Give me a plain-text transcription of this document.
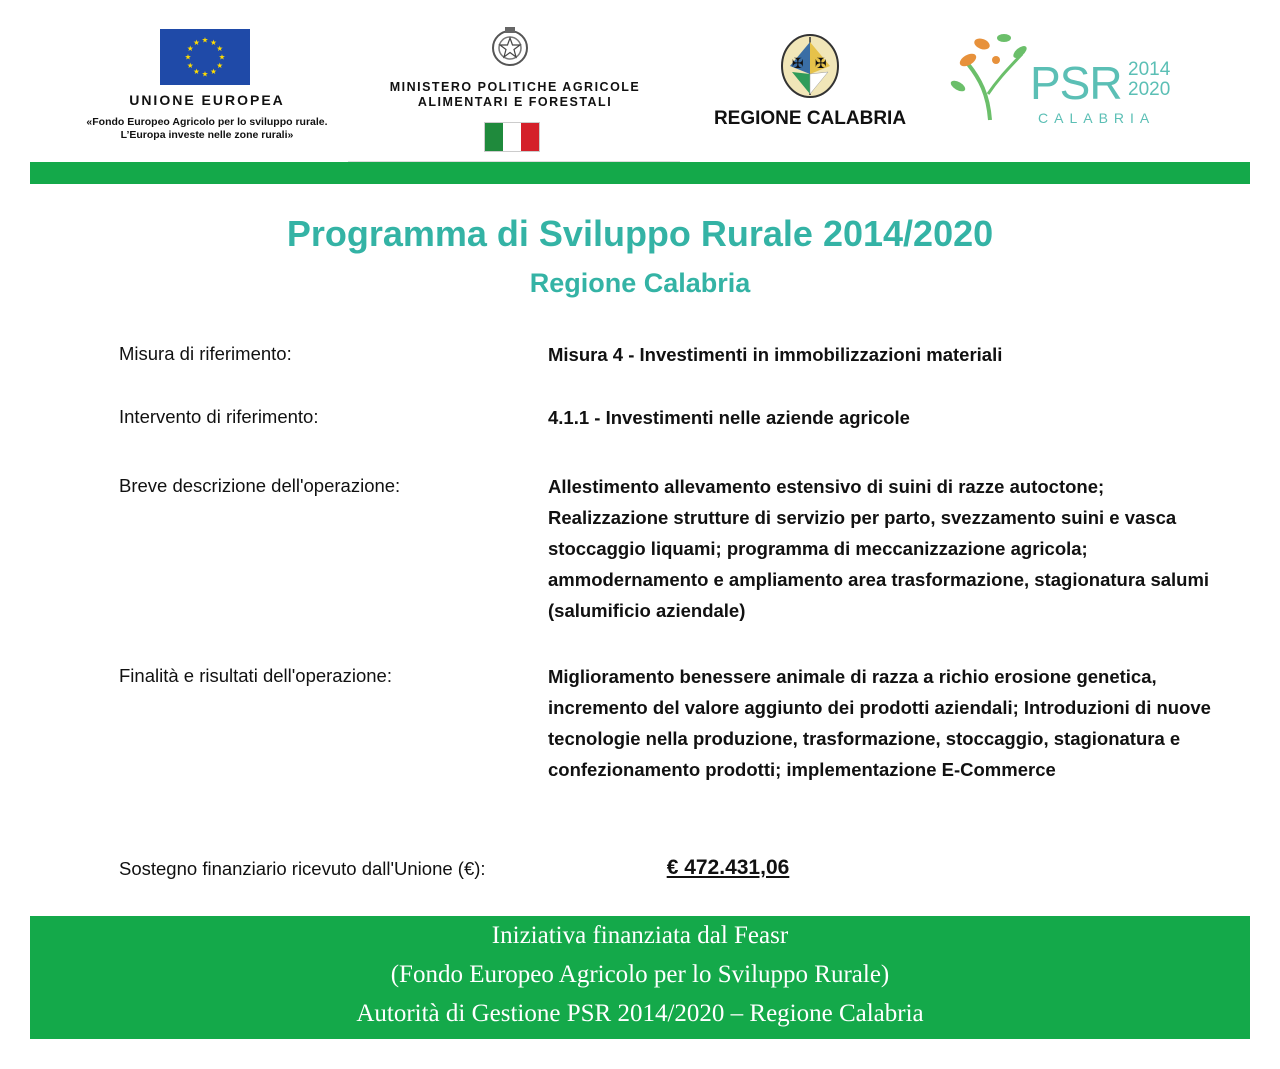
★ ★
★
★
★
★
★
★
★
★
★
★
UNIONE EUROPEA
«Fondo Europeo Agricolo per lo sviluppo rurale.
L’Europa investe nelle zone rurali»
MINISTERO POLITICHE AGRICOLE
ALIMENTARI E FORESTALI
✠ ✠
REGIONE CALABRIA
PSR 2014
2020
CALABRIA
Programma di Sviluppo Rurale 2014/2020
Regione Calabria
Misura di riferimento:	Misura 4 - Investimenti in immobilizzazioni materiali
Intervento di riferimento:	4.1.1 - Investimenti nelle aziende agricole
Breve descrizione dell'operazione:	Allestimento allevamento estensivo di suini di razze autoctone;
Realizzazione strutture di servizio per parto, svezzamento suini e vasca
stoccaggio liquami; programma di meccanizzazione agricola;
ammodernamento e ampliamento area trasformazione, stagionatura salumi
(salumificio aziendale)
Finalità e risultati dell'operazione:	Miglioramento benessere animale di razza a richio erosione genetica,
incremento del valore aggiunto dei prodotti aziendali; Introduzioni di nuove
tecnologie nella produzione, trasformazione, stoccaggio, stagionatura e
confezionamento prodotti; implementazione E-Commerce
Sostegno finanziario ricevuto dall'Unione (€):	€ 472.431,06
Iniziativa finanziata dal Feasr
(Fondo Europeo Agricolo per lo Sviluppo Rurale)
Autorità di Gestione PSR 2014/2020 – Regione Calabria
